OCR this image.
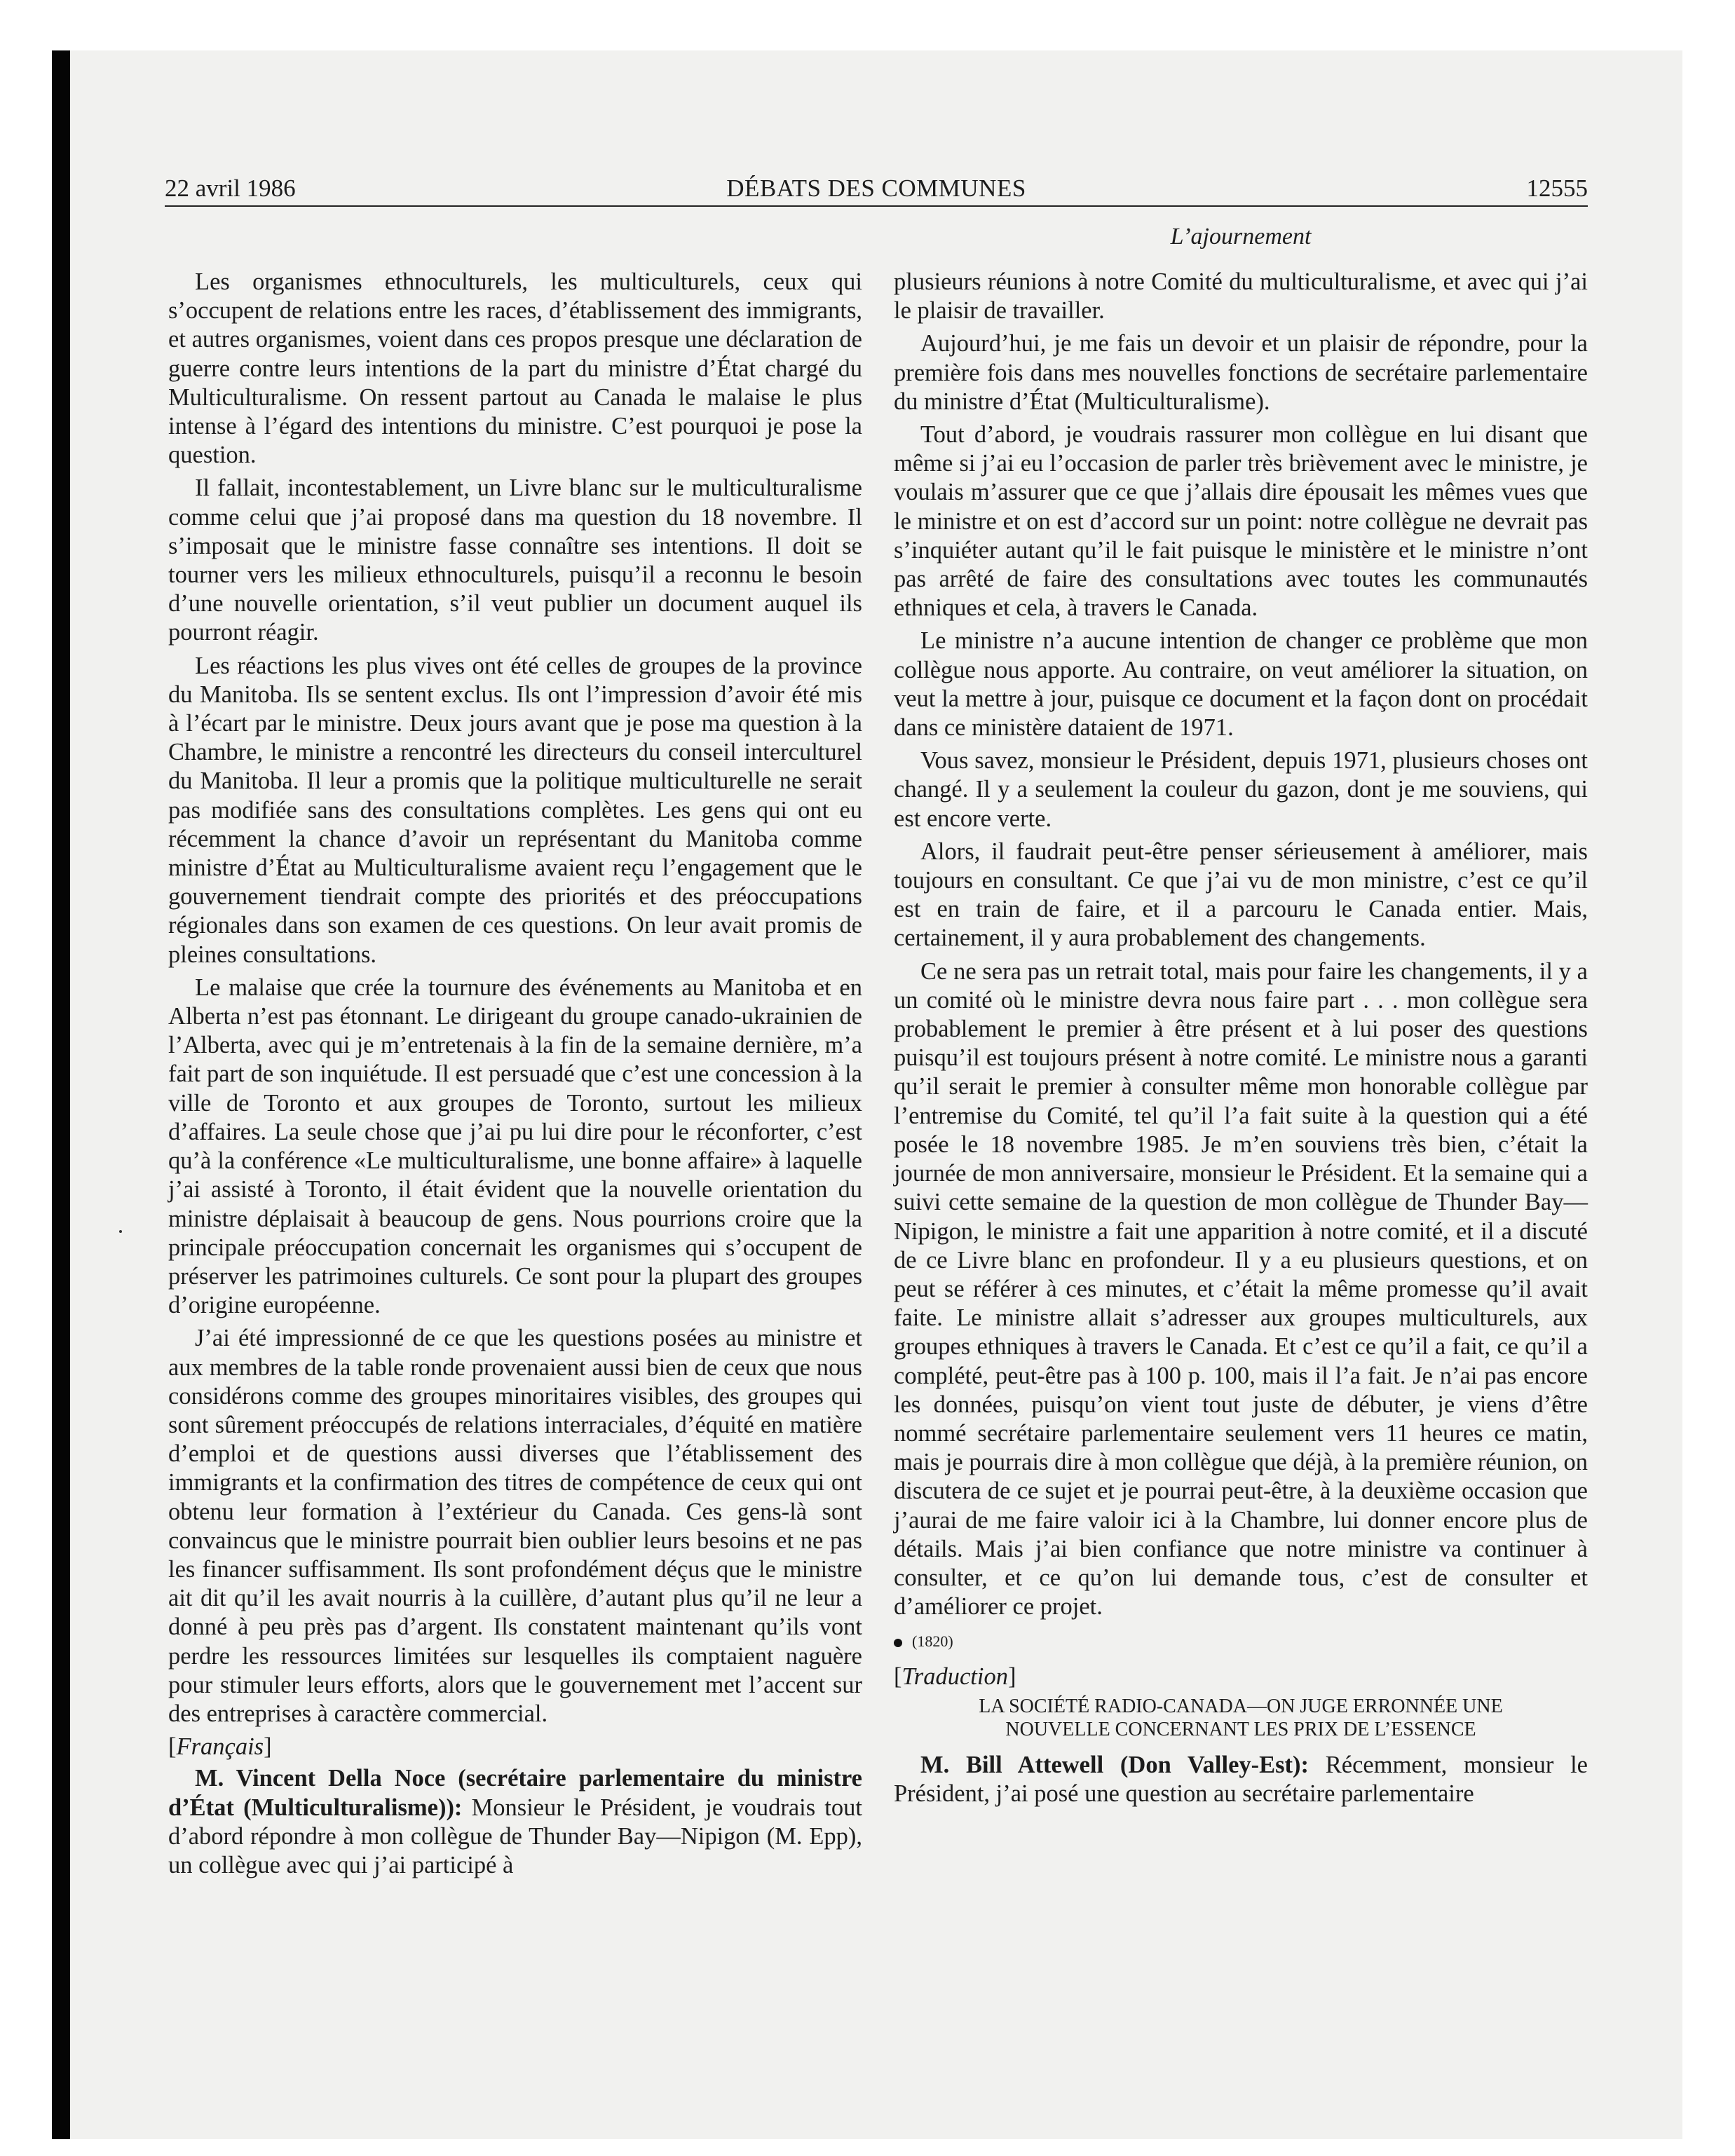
22 avril 1986	DÉBATS DES COMMUNES	12555
L’ajournement

Les organismes ethnoculturels, les multiculturels, ceux qui s’occupent de relations entre les races, d’établissement des immigrants, et autres organismes, voient dans ces propos presque une déclaration de guerre contre leurs intentions de la part du ministre d’État chargé du Multiculturalisme. On ressent partout au Canada le malaise le plus intense à l’égard des intentions du ministre. C’est pourquoi je pose la question.

Il fallait, incontestablement, un Livre blanc sur le multiculturalisme comme celui que j’ai proposé dans ma question du 18 novembre. Il s’imposait que le ministre fasse connaître ses intentions. Il doit se tourner vers les milieux ethnoculturels, puisqu’il a reconnu le besoin d’une nouvelle orientation, s’il veut publier un document auquel ils pourront réagir.

Les réactions les plus vives ont été celles de groupes de la province du Manitoba. Ils se sentent exclus. Ils ont l’impression d’avoir été mis à l’écart par le ministre. Deux jours avant que je pose ma question à la Chambre, le ministre a rencontré les directeurs du conseil interculturel du Manitoba. Il leur a promis que la politique multiculturelle ne serait pas modifiée sans des consultations complètes. Les gens qui ont eu récemment la chance d’avoir un représentant du Manitoba comme ministre d’État au Multiculturalisme avaient reçu l’engagement que le gouvernement tiendrait compte des priorités et des préoccupations régionales dans son examen de ces questions. On leur avait promis de pleines consultations.

Le malaise que crée la tournure des événements au Manitoba et en Alberta n’est pas étonnant. Le dirigeant du groupe canado-ukrainien de l’Alberta, avec qui je m’entretenais à la fin de la semaine dernière, m’a fait part de son inquiétude. Il est persuadé que c’est une concession à la ville de Toronto et aux groupes de Toronto, surtout les milieux d’affaires. La seule chose que j’ai pu lui dire pour le réconforter, c’est qu’à la conférence «Le multiculturalisme, une bonne affaire» à laquelle j’ai assisté à Toronto, il était évident que la nouvelle orientation du ministre déplaisait à beaucoup de gens. Nous pourrions croire que la principale préoccupation concernait les organismes qui s’occupent de préserver les patrimoines culturels. Ce sont pour la plupart des groupes d’origine européenne.

J’ai été impressionné de ce que les questions posées au ministre et aux membres de la table ronde provenaient aussi bien de ceux que nous considérons comme des groupes minoritaires visibles, des groupes qui sont sûrement préoccupés de relations interraciales, d’équité en matière d’emploi et de questions aussi diverses que l’établissement des immigrants et la confirmation des titres de compétence de ceux qui ont obtenu leur formation à l’extérieur du Canada. Ces gens-là sont convaincus que le ministre pourrait bien oublier leurs besoins et ne pas les financer suffisamment. Ils sont profondément déçus que le ministre ait dit qu’il les avait nourris à la cuillère, d’autant plus qu’il ne leur a donné à peu près pas d’argent. Ils constatent maintenant qu’ils vont perdre les ressources limitées sur lesquelles ils comptaient naguère pour stimuler leurs efforts, alors que le gouvernement met l’accent sur des entreprises à caractère commercial.

[Français]

M. Vincent Della Noce (secrétaire parlementaire du ministre d’État (Multiculturalisme)): Monsieur le Président, je voudrais tout d’abord répondre à mon collègue de Thunder Bay—Nipigon (M. Epp), un collègue avec qui j’ai participé à

plusieurs réunions à notre Comité du multiculturalisme, et avec qui j’ai le plaisir de travailler.

Aujourd’hui, je me fais un devoir et un plaisir de répondre, pour la première fois dans mes nouvelles fonctions de secrétaire parlementaire du ministre d’État (Multiculturalisme).

Tout d’abord, je voudrais rassurer mon collègue en lui disant que même si j’ai eu l’occasion de parler très brièvement avec le ministre, je voulais m’assurer que ce que j’allais dire épousait les mêmes vues que le ministre et on est d’accord sur un point: notre collègue ne devrait pas s’inquiéter autant qu’il le fait puisque le ministère et le ministre n’ont pas arrêté de faire des consultations avec toutes les communautés ethniques et cela, à travers le Canada.

Le ministre n’a aucune intention de changer ce problème que mon collègue nous apporte. Au contraire, on veut améliorer la situation, on veut la mettre à jour, puisque ce document et la façon dont on procédait dans ce ministère dataient de 1971.

Vous savez, monsieur le Président, depuis 1971, plusieurs choses ont changé. Il y a seulement la couleur du gazon, dont je me souviens, qui est encore verte.

Alors, il faudrait peut-être penser sérieusement à améliorer, mais toujours en consultant. Ce que j’ai vu de mon ministre, c’est ce qu’il est en train de faire, et il a parcouru le Canada entier. Mais, certainement, il y aura probablement des changements.

Ce ne sera pas un retrait total, mais pour faire les changements, il y a un comité où le ministre devra nous faire part . . . mon collègue sera probablement le premier à être présent et à lui poser des questions puisqu’il est toujours présent à notre comité. Le ministre nous a garanti qu’il serait le premier à consulter même mon honorable collègue par l’entremise du Comité, tel qu’il l’a fait suite à la question qui a été posée le 18 novembre 1985. Je m’en souviens très bien, c’était la journée de mon anniversaire, monsieur le Président. Et la semaine qui a suivi cette semaine de la question de mon collègue de Thunder Bay—Nipigon, le ministre a fait une apparition à notre comité, et il a discuté de ce Livre blanc en profondeur. Il y a eu plusieurs questions, et on peut se référer à ces minutes, et c’était la même promesse qu’il avait faite. Le ministre allait s’adresser aux groupes multiculturels, aux groupes ethniques à travers le Canada. Et c’est ce qu’il a fait, ce qu’il a complété, peut-être pas à 100 p. 100, mais il l’a fait. Je n’ai pas encore les données, puisqu’on vient tout juste de débuter, je viens d’être nommé secrétaire parlementaire seulement vers 11 heures ce matin, mais je pourrais dire à mon collègue que déjà, à la première réunion, on discutera de ce sujet et je pourrai peut-être, à la deuxième occasion que j’aurai de me faire valoir ici à la Chambre, lui donner encore plus de détails. Mais j’ai bien confiance que notre ministre va continuer à consulter, et ce qu’on lui demande tous, c’est de consulter et d’améliorer ce projet.

(1820)
[Traduction]
LA SOCIÉTÉ RADIO-CANADA—ON JUGE ERRONNÉE UNE
NOUVELLE CONCERNANT LES PRIX DE L’ESSENCE

M. Bill Attewell (Don Valley-Est): Récemment, monsieur le Président, j’ai posé une question au secrétaire parlementaire
